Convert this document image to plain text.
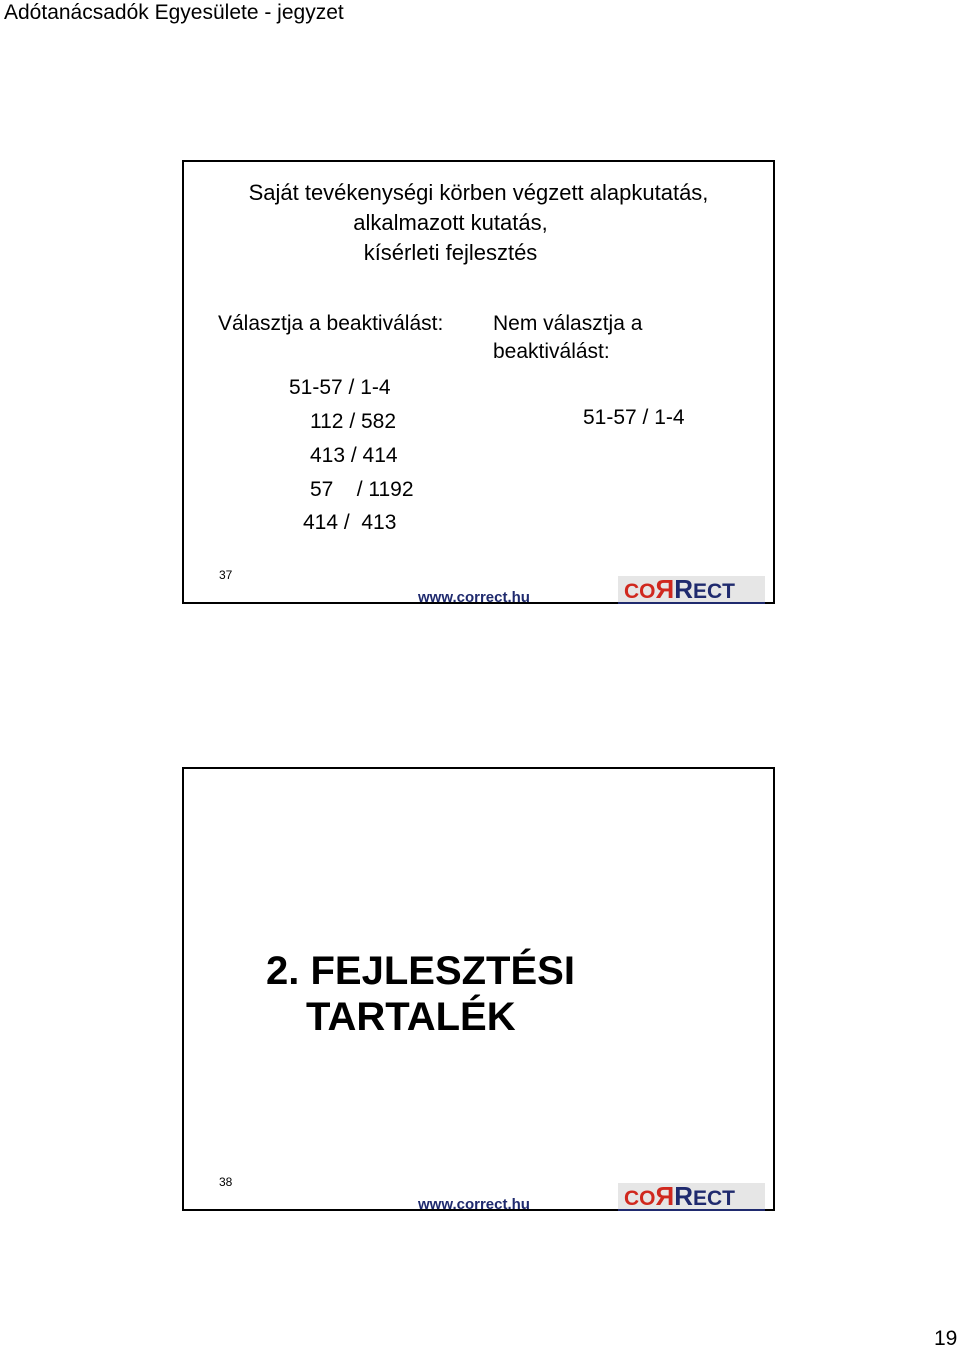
Adótanácsadók Egyesülete - jegyzet
Saját tevékenységi körben végzett alapkutatás,
alkalmazott kutatás,
kísérleti fejlesztés
Választja a beaktiválást:
51-57 / 1-4
112 / 582
413 / 414
57    / 1192
414 /  413
Nem választja a
beaktiválást:
51-57 / 1-4
37
www.correct.hu	COЯRECT
2. FEJLESZTÉSI
TARTALÉK
38
www.correct.hu	COЯRECT
19
